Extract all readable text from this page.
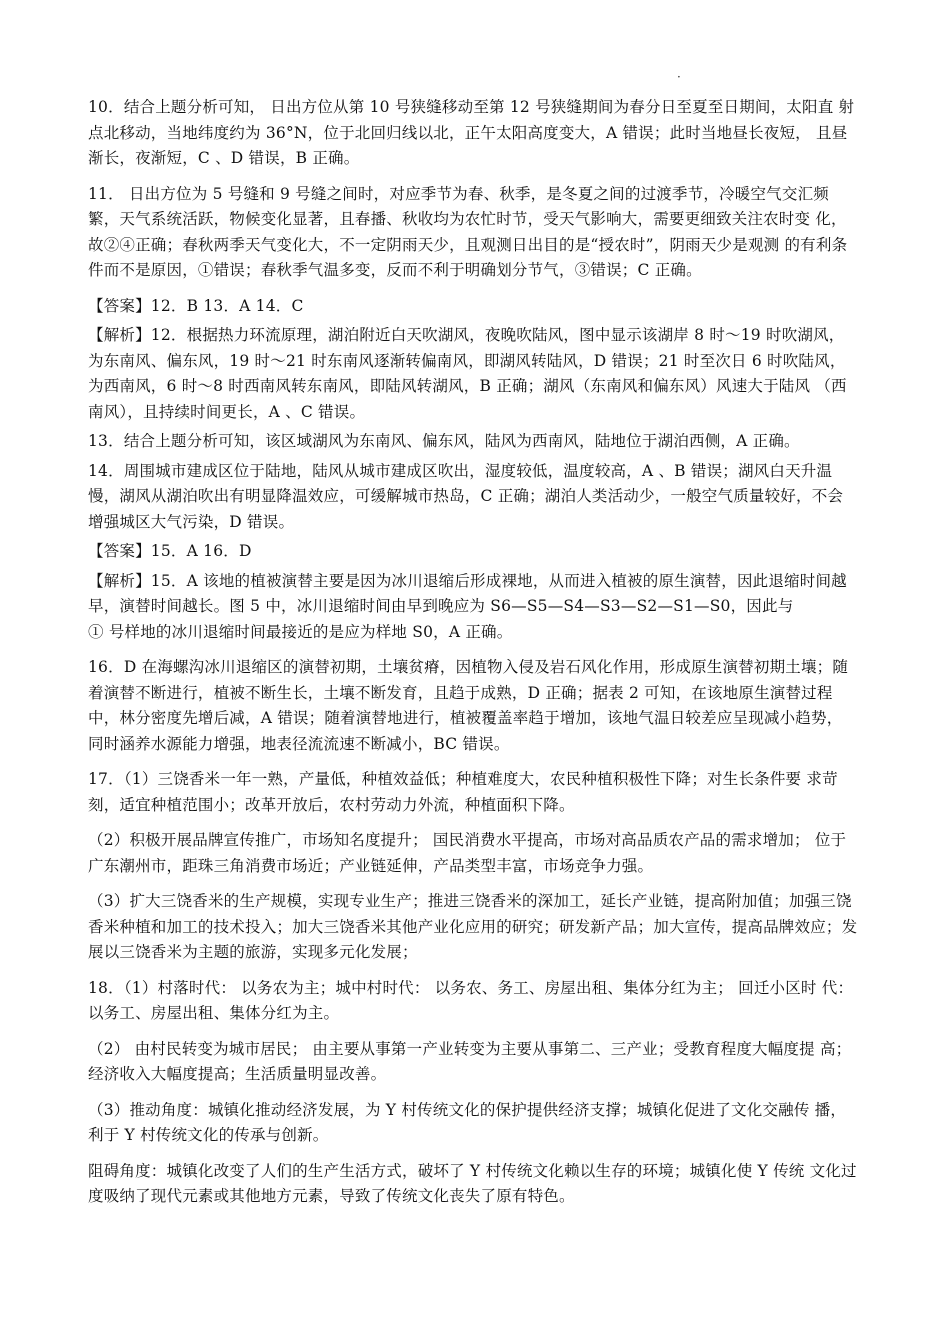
·

10．结合上题分析可知， 日出方位从第 10 号狭缝移动至第 12 号狭缝期间为春分日至夏至日期间，太阳直 射点北移动，当地纬度约为 36°N，位于北回归线以北，正午太阳高度变大，A 错误；此时当地昼长夜短， 且昼渐长，夜渐短，C 、D 错误，B 正确。

11． 日出方位为 5 号缝和 9 号缝之间时，对应季节为春、秋季，是冬夏之间的过渡季节，冷暖空气交汇频 繁，天气系统活跃，物候变化显著，且春播、秋收均为农忙时节，受天气影响大，需要更细致关注农时变 化，故②④正确；春秋两季天气变化大，不一定阴雨天少，且观测日出目的是“授农时”，阴雨天少是观测 的有利条件而不是原因，①错误；春秋季气温多变，反而不利于明确划分节气，③错误；C 正确。

【答案】12．B 13．A 14．C

【解析】12．根据热力环流原理，湖泊附近白天吹湖风，夜晚吹陆风，图中显示该湖岸 8 时～19 时吹湖风， 为东南风、偏东风，19 时～21 时东南风逐渐转偏南风，即湖风转陆风，D 错误；21 时至次日 6 时吹陆风， 为西南风，6 时～8 时西南风转东南风，即陆风转湖风，B 正确；湖风（东南风和偏东风）风速大于陆风 （西南风），且持续时间更长，A 、C 错误。

13．结合上题分析可知，该区域湖风为东南风、偏东风，陆风为西南风，陆地位于湖泊西侧，A 正确。

14．周围城市建成区位于陆地，陆风从城市建成区吹出，湿度较低，温度较高，A 、B 错误；湖风白天升温慢，湖风从湖泊吹出有明显降温效应，可缓解城市热岛，C 正确；湖泊人类活动少，一般空气质量较好，不会增强城区大气污染，D 错误。

【答案】15．A 16．D

【解析】15．A 该地的植被演替主要是因为冰川退缩后形成裸地，从而进入植被的原生演替，因此退缩时间越早，演替时间越长。图 5 中，冰川退缩时间由早到晚应为 S6—S5—S4—S3—S2—S1—S0，因此与
① 号样地的冰川退缩时间最接近的是应为样地 S0，A 正确。

16．D 在海螺沟冰川退缩区的演替初期，土壤贫瘠，因植物入侵及岩石风化作用，形成原生演替初期土壤；随着演替不断进行，植被不断生长，土壤不断发育，且趋于成熟，D 正确；据表 2 可知，在该地原生演替过程中，林分密度先增后减，A 错误；随着演替地进行，植被覆盖率趋于增加，该地气温日较差应呈现减小趋势，同时涵养水源能力增强，地表径流流速不断减小，BC 错误。

17．（1）三饶香米一年一熟，产量低，种植效益低；种植难度大，农民种植积极性下降；对生长条件要 求苛刻，适宜种植范围小；改革开放后，农村劳动力外流，种植面积下降。

（2）积极开展品牌宣传推广，市场知名度提升； 国民消费水平提高，市场对高品质农产品的需求增加； 位于广东潮州市，距珠三角消费市场近；产业链延伸，产品类型丰富，市场竞争力强。

（3）扩大三饶香米的生产规模，实现专业生产；推进三饶香米的深加工，延长产业链，提高附加值；加强三饶香米种植和加工的技术投入；加大三饶香米其他产业化应用的研究；研发新产品；加大宣传，提高品牌效应；发展以三饶香米为主题的旅游，实现多元化发展；

18．（1）村落时代： 以务农为主；城中村时代： 以务农、务工、房屋出租、集体分红为主； 回迁小区时 代： 以务工、房屋出租、集体分红为主。

（2） 由村民转变为城市居民； 由主要从事第一产业转变为主要从事第二、三产业；受教育程度大幅度提 高；经济收入大幅度提高；生活质量明显改善。

（3）推动角度：城镇化推动经济发展，为 Y 村传统文化的保护提供经济支撑；城镇化促进了文化交融传 播，利于 Y 村传统文化的传承与创新。

阻碍角度：城镇化改变了人们的生产生活方式，破坏了 Y 村传统文化赖以生存的环境；城镇化使 Y 传统 文化过度吸纳了现代元素或其他地方元素，导致了传统文化丧失了原有特色。
